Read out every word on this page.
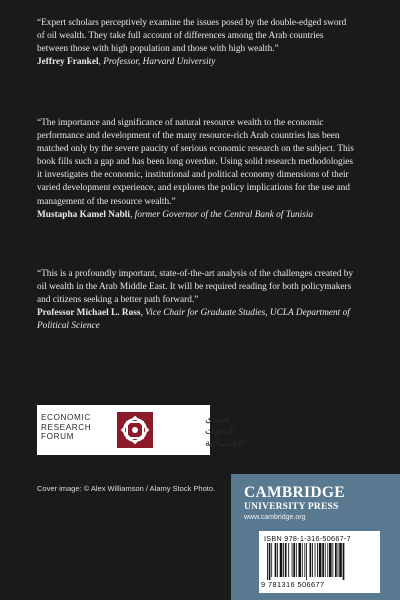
“Expert scholars perceptively examine the issues posed by the double-edged sword of oil wealth. They take full account of differences among the Arab countries between those with high population and those with high wealth.”

Jeffrey Frankel, Professor, Harvard University

“The importance and significance of natural resource wealth to the economic performance and development of the many resource-rich Arab countries has been matched only by the severe paucity of serious economic research on the subject. This book fills such a gap and has been long overdue. Using solid research methodologies it investigates the economic, institutional and political economy dimensions of their varied development experience, and explores the policy implications for the use and management of the resource wealth.”

Mustapha Kamel Nabli, former Governor of the Central Bank of Tunisia

“This is a profoundly important, state-of-the-art analysis of the challenges created by oil wealth in the Arab Middle East. It will be required reading for both policymakers and citizens seeking a better path forward.”

Professor Michael L. Ross, Vice Chair for Graduate Studies, UCLA Department of Political Science
ECONOMIC
RESEARCH
FORUM
منتدى
البحوث
الاقتصادية
Cover image: © Alex Williamson / Alamy Stock Photo.	CAMBRIDGE
UNIVERSITY PRESS
www.cambridge.org
ISBN 978-1-316-50667-7
9 781316 506677
